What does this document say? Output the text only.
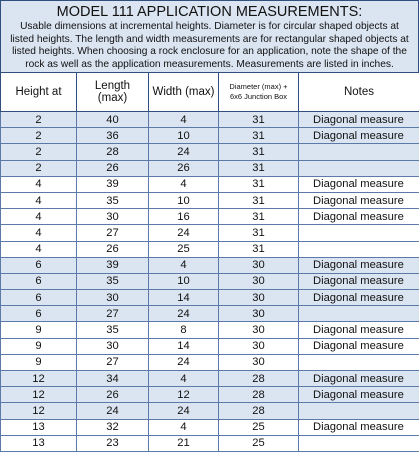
MODEL 111 APPLICATION MEASUREMENTS:
Usable dimensions at incremental heights. Diameter is for circular shaped objects at listed heights. The length and width measurements are for rectangular shaped objects at listed heights. When choosing a rock enclosure for an application, note the shape of the rock as well as the application measurements. Measurements are listed in inches.
Height at	Length (max)	Width (max)	Diameter (max) +
6x6 Junction Box	Notes
2	40	4	31	Diagonal measure
2	36	10	31	Diagonal measure
2	28	24	31	
2	26	26	31	
4	39	4	31	Diagonal measure
4	35	10	31	Diagonal measure
4	30	16	31	Diagonal measure
4	27	24	31	
4	26	25	31	
6	39	4	30	Diagonal measure
6	35	10	30	Diagonal measure
6	30	14	30	Diagonal measure
6	27	24	30	
9	35	8	30	Diagonal measure
9	30	14	30	Diagonal measure
9	27	24	30	
12	34	4	28	Diagonal measure
12	26	12	28	Diagonal measure
12	24	24	28	
13	32	4	25	Diagonal measure
13	23	21	25	
